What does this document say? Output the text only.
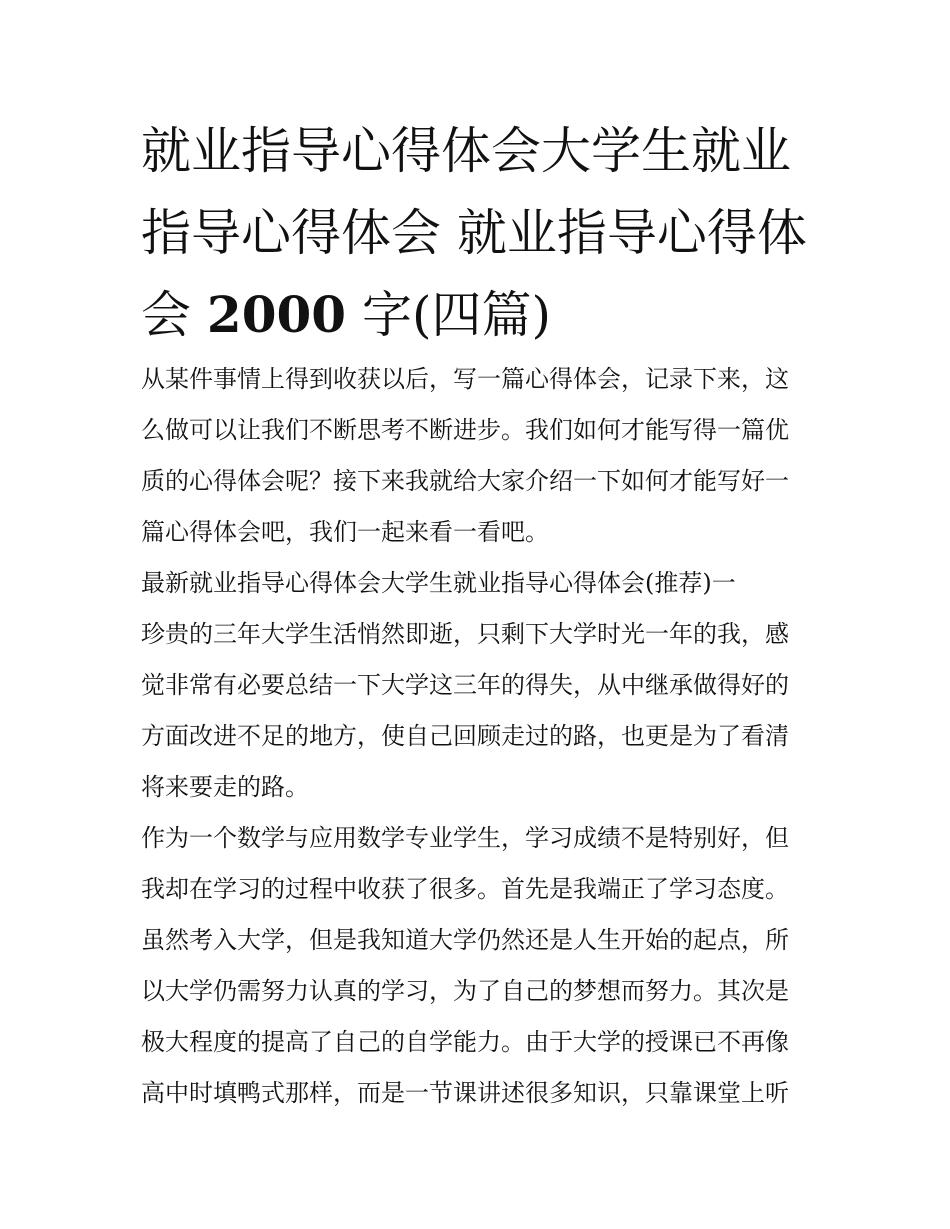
就业指导心得体会大学生就业
指导心得体会 就业指导心得体
会 2000 字(四篇)
从某件事情上得到收获以后，写一篇心得体会，记录下来，这
么做可以让我们不断思考不断进步。我们如何才能写得一篇优
质的心得体会呢？接下来我就给大家介绍一下如何才能写好一
篇心得体会吧，我们一起来看一看吧。
最新就业指导心得体会大学生就业指导心得体会(推荐)一
珍贵的三年大学生活悄然即逝，只剩下大学时光一年的我，感
觉非常有必要总结一下大学这三年的得失，从中继承做得好的
方面改进不足的地方，使自己回顾走过的路，也更是为了看清
将来要走的路。
作为一个数学与应用数学专业学生，学习成绩不是特别好，但
我却在学习的过程中收获了很多。首先是我端正了学习态度。
虽然考入大学，但是我知道大学仍然还是人生开始的起点，所
以大学仍需努力认真的学习，为了自己的梦想而努力。其次是
极大程度的提高了自己的自学能力。由于大学的授课已不再像
高中时填鸭式那样，而是一节课讲述很多知识，只靠课堂上听
